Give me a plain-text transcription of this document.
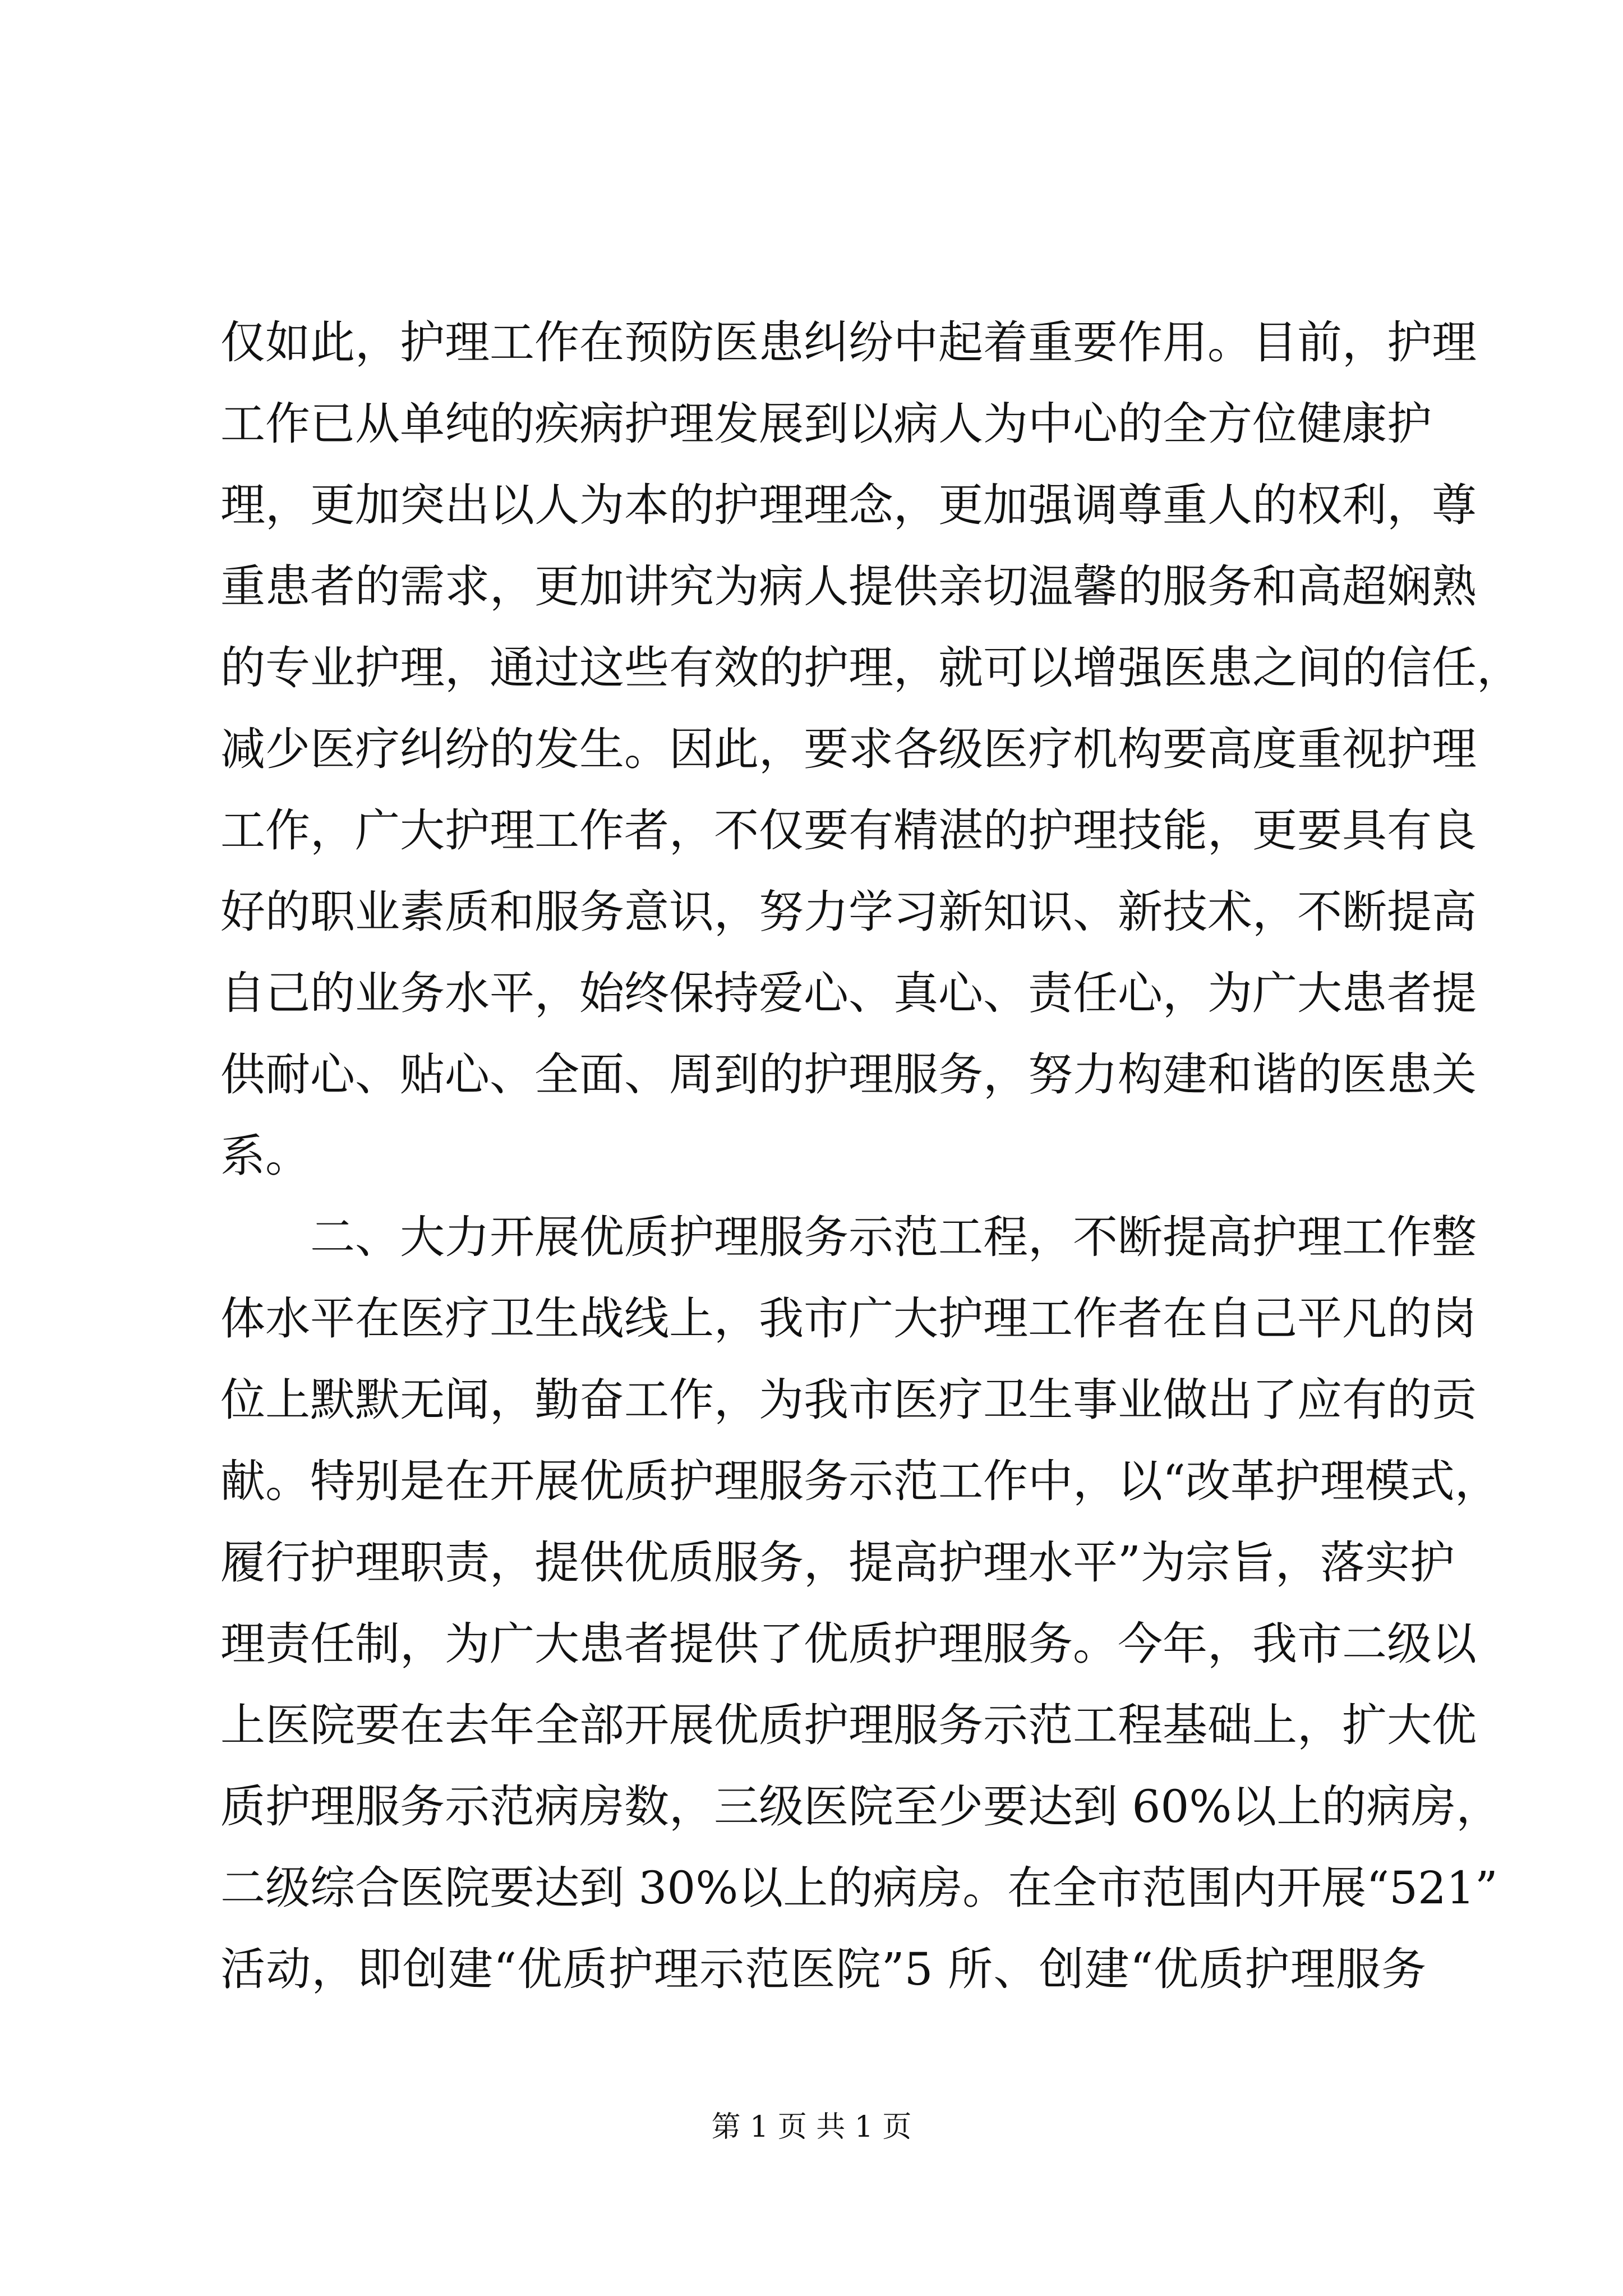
仅如此，护理工作在预防医患纠纷中起着重要作用。目前，护理
工作已从单纯的疾病护理发展到以病人为中心的全方位健康护
理，更加突出以人为本的护理理念，更加强调尊重人的权利，尊
重患者的需求，更加讲究为病人提供亲切温馨的服务和高超娴熟
的专业护理，通过这些有效的护理，就可以增强医患之间的信任，
减少医疗纠纷的发生。因此，要求各级医疗机构要高度重视护理
工作，广大护理工作者，不仅要有精湛的护理技能，更要具有良
好的职业素质和服务意识，努力学习新知识、新技术，不断提高
自己的业务水平，始终保持爱心、真心、责任心，为广大患者提
供耐心、贴心、全面、周到的护理服务，努力构建和谐的医患关
系。
二、大力开展优质护理服务示范工程，不断提高护理工作整
体水平在医疗卫生战线上，我市广大护理工作者在自己平凡的岗
位上默默无闻，勤奋工作，为我市医疗卫生事业做出了应有的贡
献。特别是在开展优质护理服务示范工作中，以“改革护理模式，
履行护理职责，提供优质服务，提高护理水平”为宗旨，落实护
理责任制，为广大患者提供了优质护理服务。今年，我市二级以
上医院要在去年全部开展优质护理服务示范工程基础上，扩大优
质护理服务示范病房数，三级医院至少要达到 60%以上的病房，
二级综合医院要达到 30%以上的病房。在全市范围内开展“521”
活动，即创建“优质护理示范医院”5 所、创建“优质护理服务
第 1 页 共 1 页
